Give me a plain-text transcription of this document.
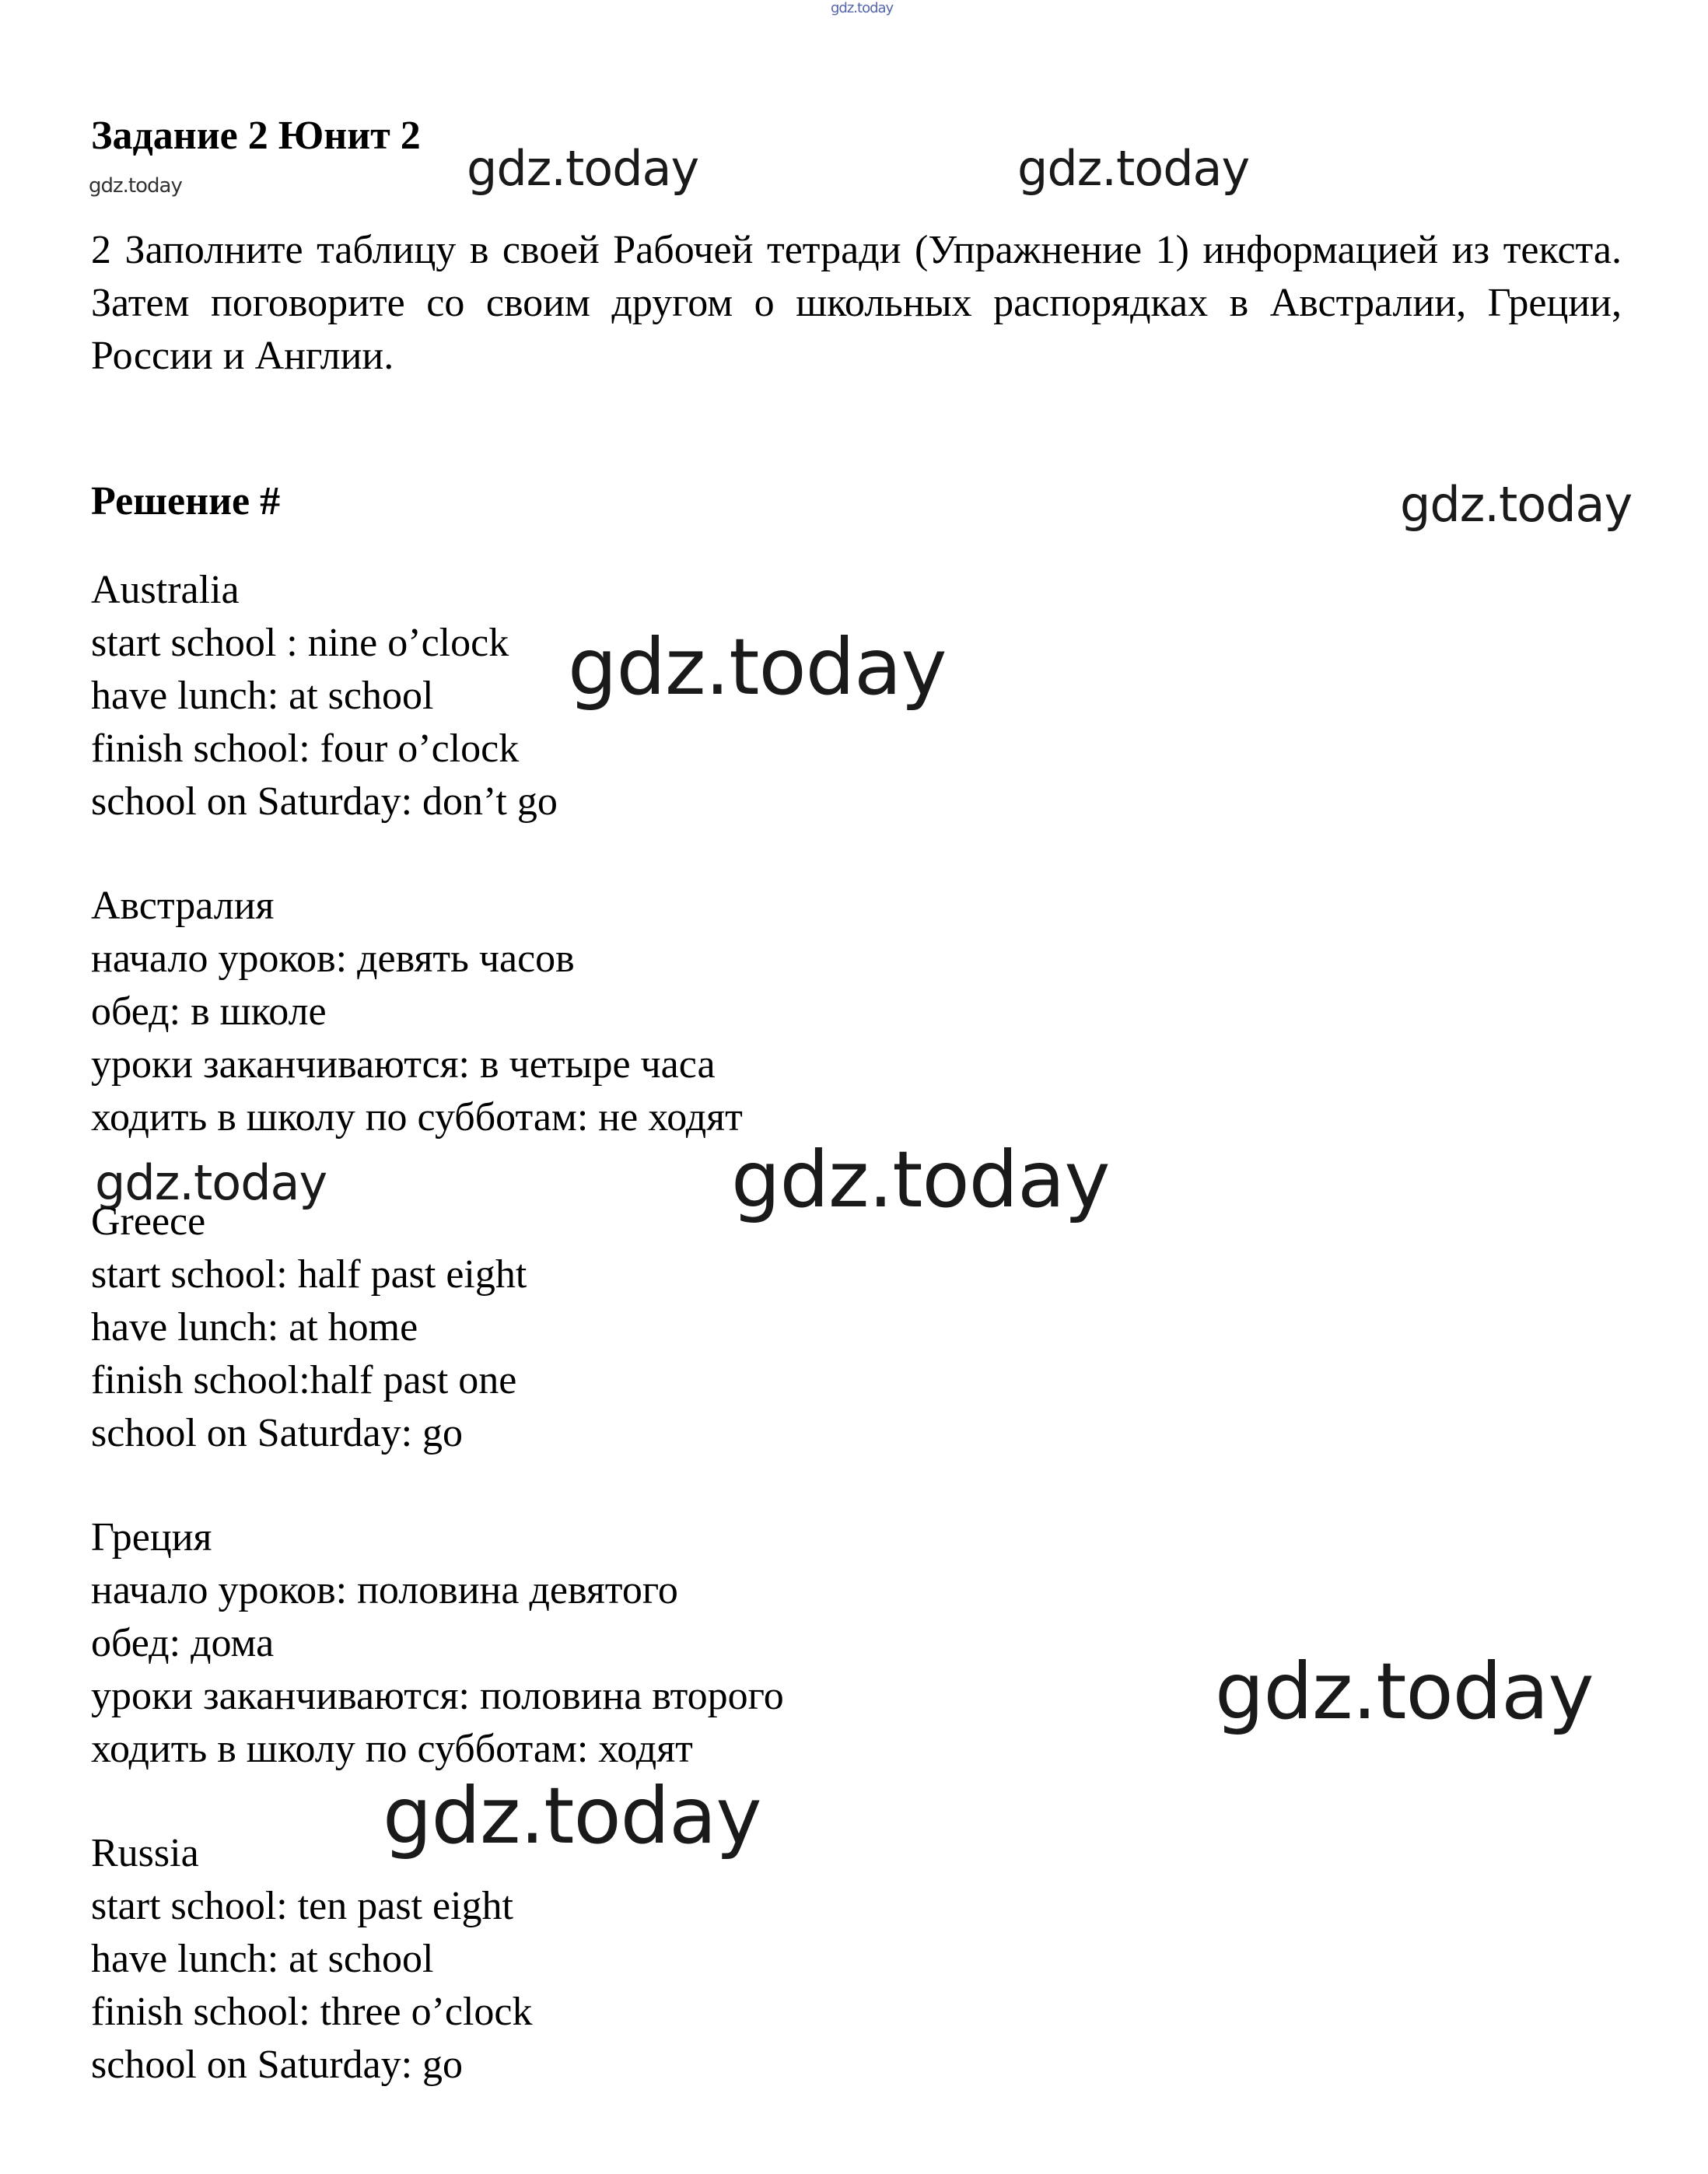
gdz.today
gdz.today	gdz.today	gdz.today
gdz.today
gdz.today
gdz.today	gdz.today
gdz.today
gdz.today
Задание 2 Юнит 2
2 Заполните таблицу в своей Рабочей тетради (Упражнение 1) информацией из текста. Затем поговорите со своим другом о школьных распорядках в Австралии, Греции, России и Англии.
Решение #
Australia
start school : nine o’clock
have lunch: at school
finish school: four o’clock
school on Saturday: don’t go
Австралия
начало уроков: девять часов
обед: в школе
уроки заканчиваются: в четыре часа
ходить в школу по субботам: не ходят
Greece
start school: half past eight
have lunch: at home
finish school:half past one
school on Saturday: go
Греция
начало уроков: половина девятого
обед: дома
уроки заканчиваются: половина второго
ходить в школу по субботам: ходят
Russia
start school: ten past eight
have lunch: at school
finish school: three o’clock
school on Saturday: go
